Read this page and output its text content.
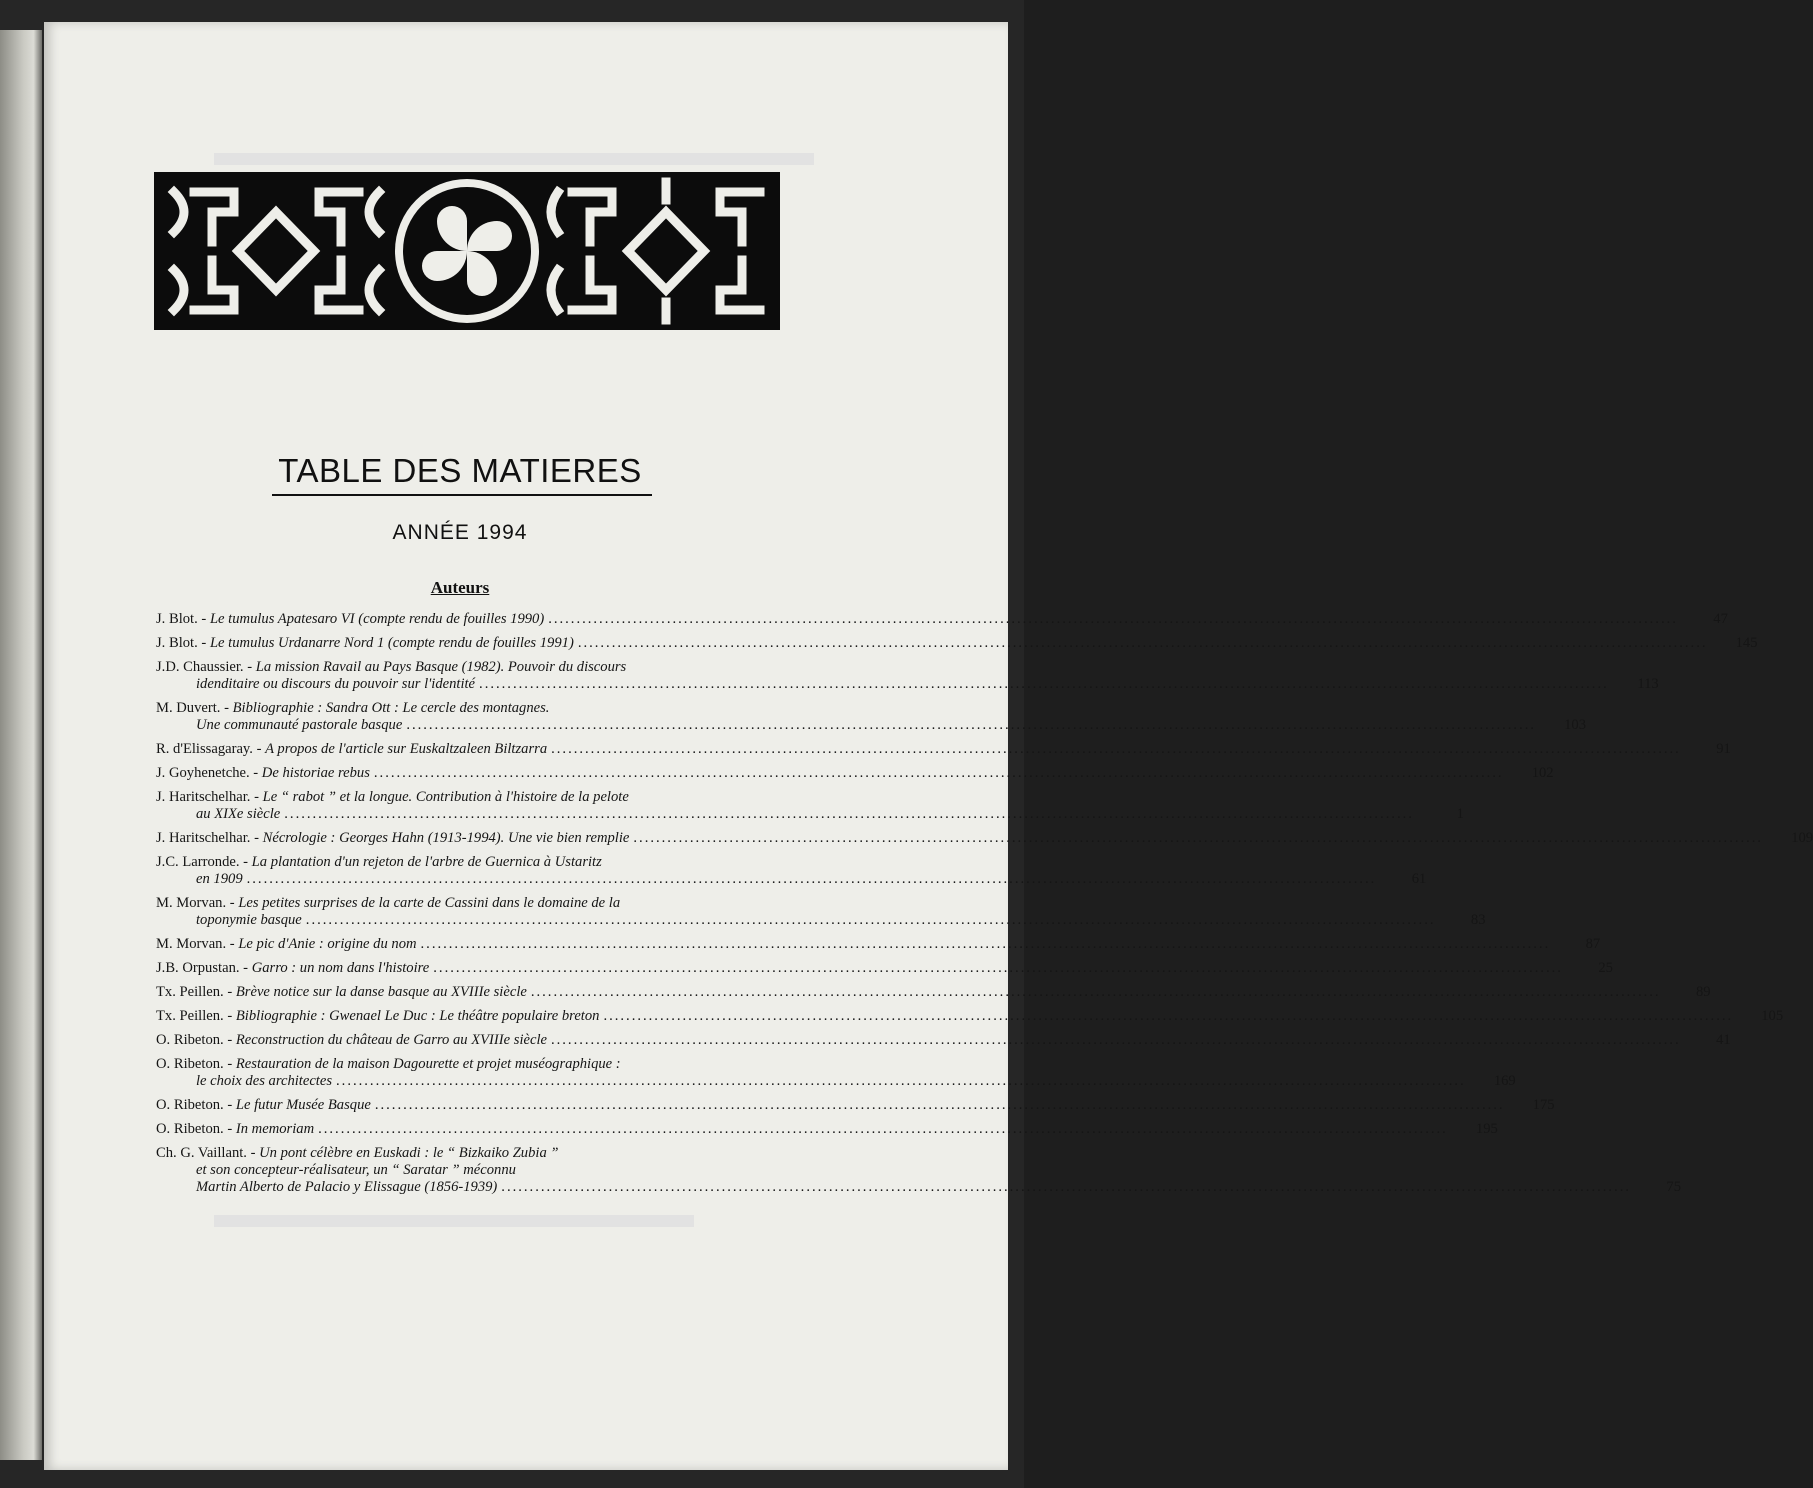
▬▬▬▬▬▬▬▬▬▬▬▬▬▬▬
▬▬▬▬▬▬▬▬▬▬▬▬
TABLE DES MATIERES
ANNÉE 1994
Auteurs
J. Blot. - Le tumulus Apatesaro VI (compte rendu de fouilles 1990) .....	47
J. Blot. - Le tumulus Urdanarre Nord 1 (compte rendu de fouilles 1991) .....	145
J.D. Chaussier. - La mission Ravail au Pays Basque (1982). Pouvoir du discours
idenditaire ou discours du pouvoir sur l'identité .....	113
M. Duvert. - Bibliographie : Sandra Ott : Le cercle des montagnes.
Une communauté pastorale basque .....	103
R. d'Elissagaray. - A propos de l'article sur Euskaltzaleen Biltzarra .....	91
J. Goyhenetche. - De historiae rebus .....	102
J. Haritschelhar. - Le “ rabot ” et la longue. Contribution à l'histoire de la pelote
au XIXe siècle .....	1
J. Haritschelhar. - Nécrologie : Georges Hahn (1913-1994). Une vie bien remplie .....	109
J.C. Larronde. - La plantation d'un rejeton de l'arbre de Guernica à Ustaritz
en 1909 .....	61
M. Morvan. - Les petites surprises de la carte de Cassini dans le domaine de la
toponymie basque .....	83
M. Morvan. - Le pic d'Anie : origine du nom .....	87
J.B. Orpustan. - Garro : un nom dans l'histoire .....	25
Tx. Peillen. - Brève notice sur la danse basque au XVIIIe siècle .....	89
Tx. Peillen. - Bibliographie : Gwenael Le Duc : Le théâtre populaire breton .....	105
O. Ribeton. - Reconstruction du château de Garro au XVIIIe siècle .....	41
O. Ribeton. - Restauration de la maison Dagourette et projet muséographique :
le choix des architectes .....	169
O. Ribeton. - Le futur Musée Basque .....	175
O. Ribeton. - In memoriam .....	195
Ch. G. Vaillant. - Un pont célèbre en Euskadi : le “ Bizkaiko Zubia ”
et son concepteur-réalisateur, un “ Saratar ” méconnu
Martin Alberto de Palacio y Elissague (1856-1939) .....	75
